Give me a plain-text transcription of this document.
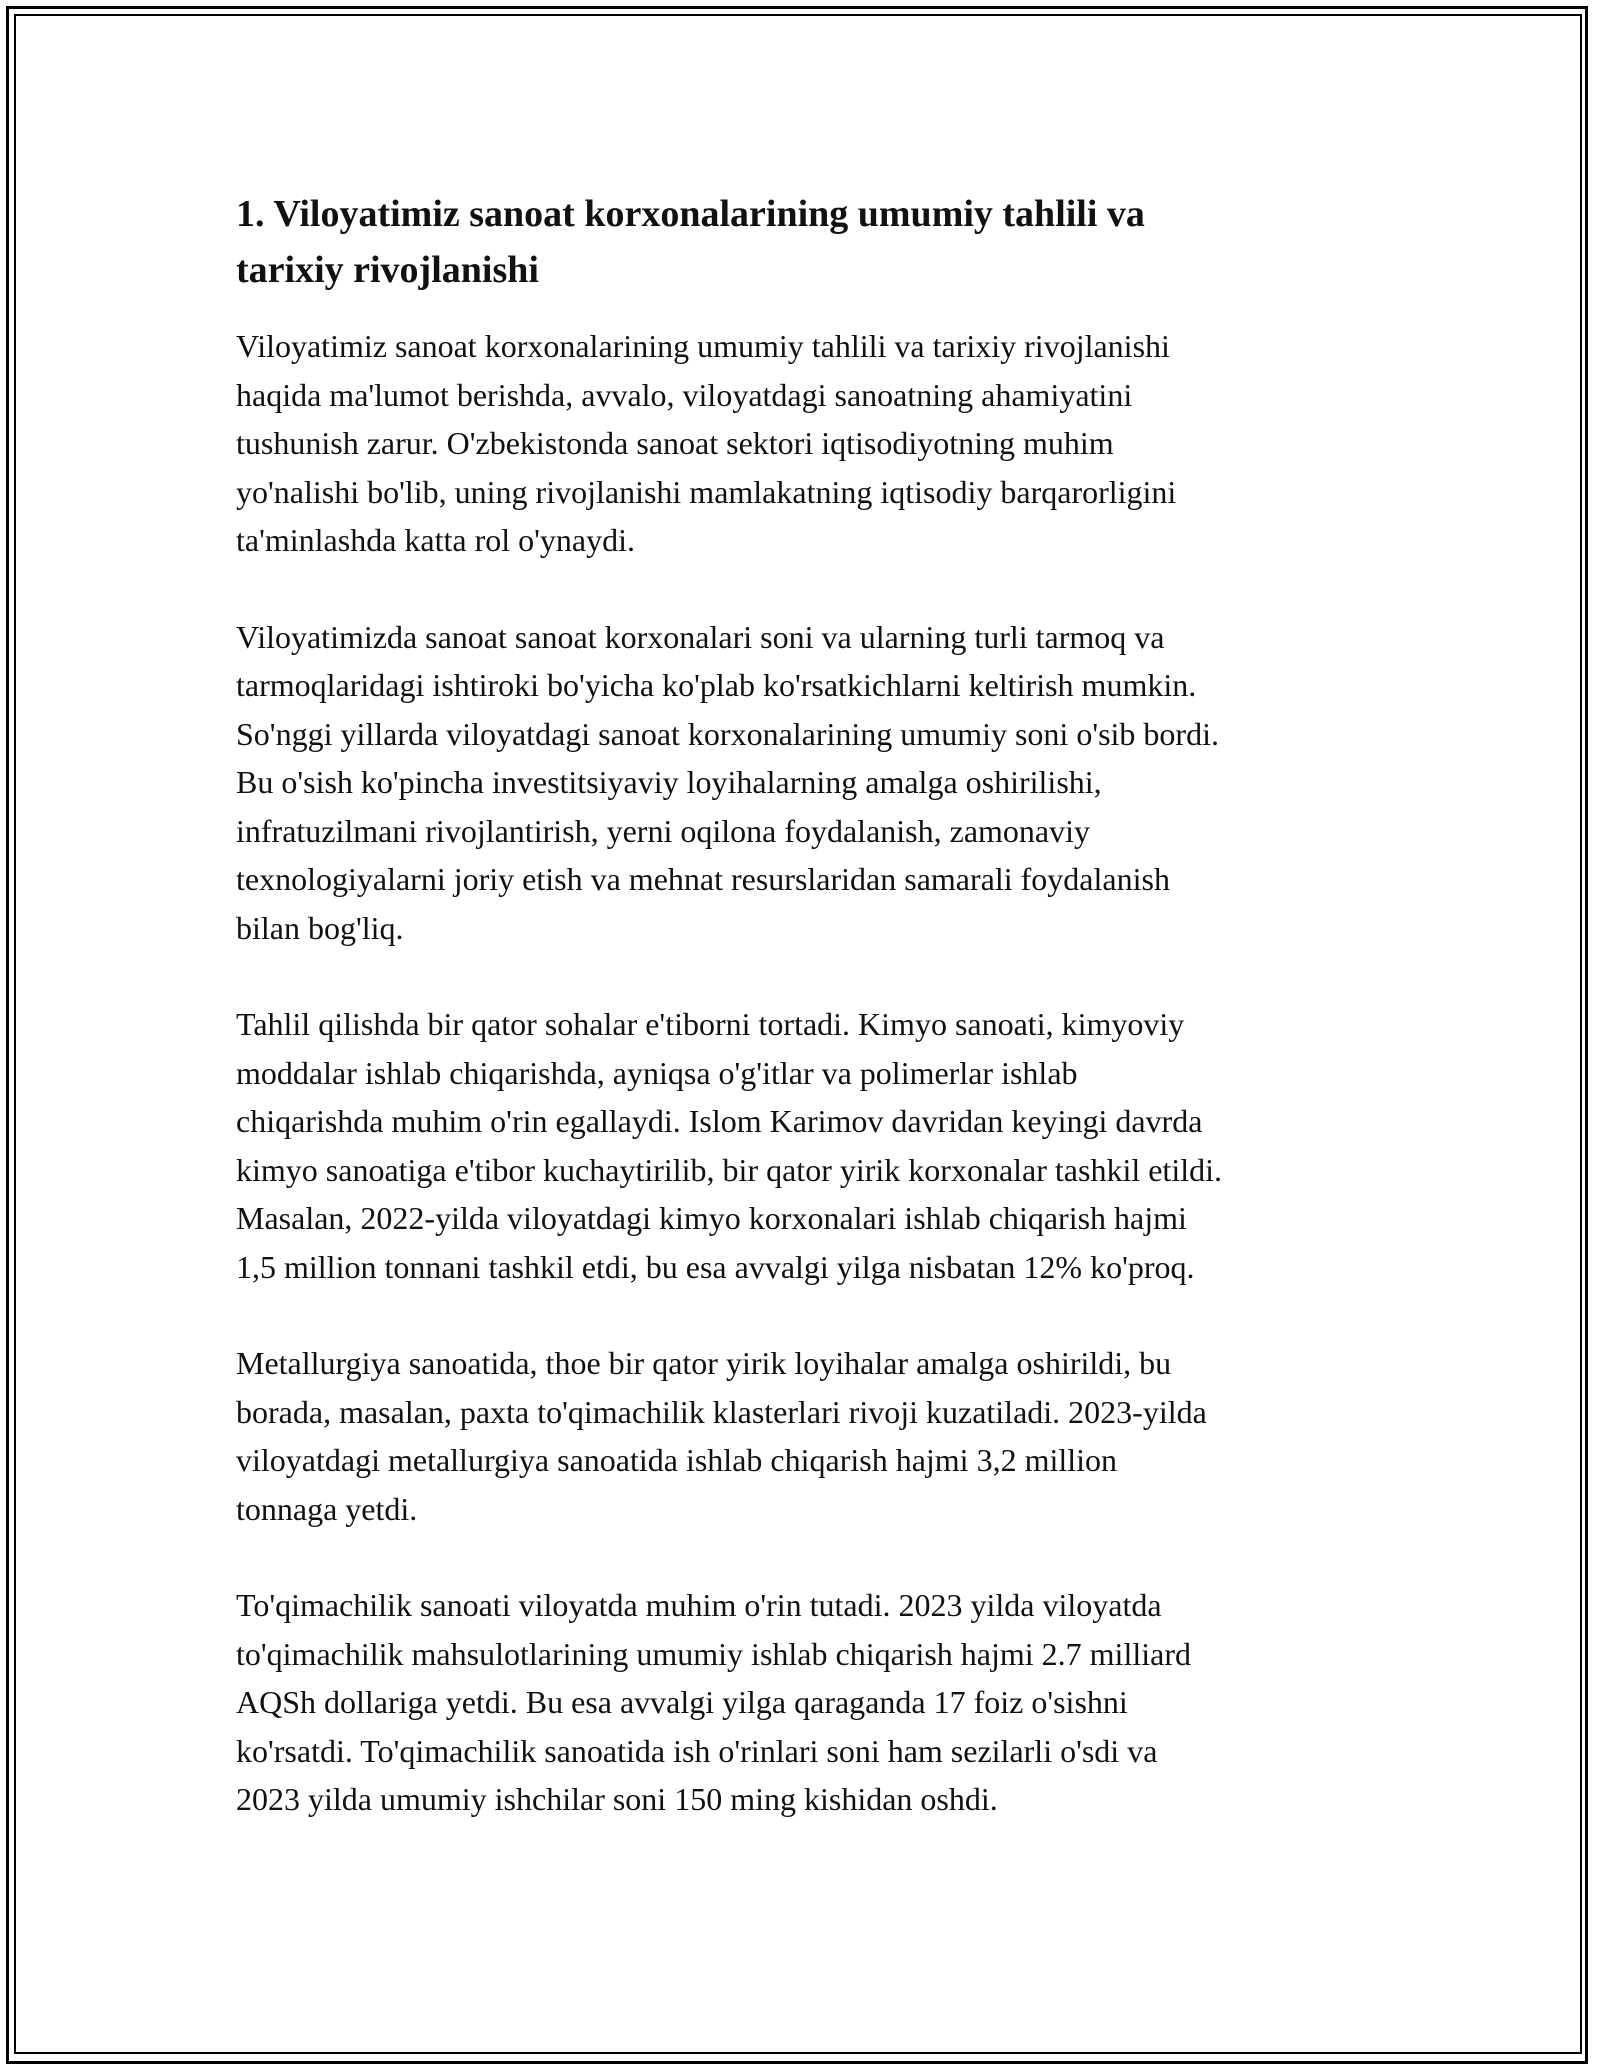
1. Viloyatimiz sanoat korxonalarining umumiy tahlili va
tarixiy rivojlanishi

Viloyatimiz sanoat korxonalarining umumiy tahlili va tarixiy rivojlanishi
haqida ma'lumot berishda, avvalo, viloyatdagi sanoatning ahamiyatini
tushunish zarur. O'zbekistonda sanoat sektori iqtisodiyotning muhim
yo'nalishi bo'lib, uning rivojlanishi mamlakatning iqtisodiy barqarorligini
ta'minlashda katta rol o'ynaydi.

Viloyatimizda sanoat sanoat korxonalari soni va ularning turli tarmoq va
tarmoqlaridagi ishtiroki bo'yicha ko'plab ko'rsatkichlarni keltirish mumkin.
So'nggi yillarda viloyatdagi sanoat korxonalarining umumiy soni o'sib bordi.
Bu o'sish ko'pincha investitsiyaviy loyihalarning amalga oshirilishi,
infratuzilmani rivojlantirish, yerni oqilona foydalanish, zamonaviy
texnologiyalarni joriy etish va mehnat resurslaridan samarali foydalanish
bilan bog'liq.

Tahlil qilishda bir qator sohalar e'tiborni tortadi. Kimyo sanoati, kimyoviy
moddalar ishlab chiqarishda, ayniqsa o'g'itlar va polimerlar ishlab
chiqarishda muhim o'rin egallaydi. Islom Karimov davridan keyingi davrda
kimyo sanoatiga e'tibor kuchaytirilib, bir qator yirik korxonalar tashkil etildi.
Masalan, 2022-yilda viloyatdagi kimyo korxonalari ishlab chiqarish hajmi
1,5 million tonnani tashkil etdi, bu esa avvalgi yilga nisbatan 12% ko'proq.

Metallurgiya sanoatida, thoe bir qator yirik loyihalar amalga oshirildi, bu
borada, masalan, paxta to'qimachilik klasterlari rivoji kuzatiladi. 2023-yilda
viloyatdagi metallurgiya sanoatida ishlab chiqarish hajmi 3,2 million
tonnaga yetdi.

To'qimachilik sanoati viloyatda muhim o'rin tutadi. 2023 yilda viloyatda
to'qimachilik mahsulotlarining umumiy ishlab chiqarish hajmi 2.7 milliard
AQSh dollariga yetdi. Bu esa avvalgi yilga qaraganda 17 foiz o'sishni
ko'rsatdi. To'qimachilik sanoatida ish o'rinlari soni ham sezilarli o'sdi va
2023 yilda umumiy ishchilar soni 150 ming kishidan oshdi.
